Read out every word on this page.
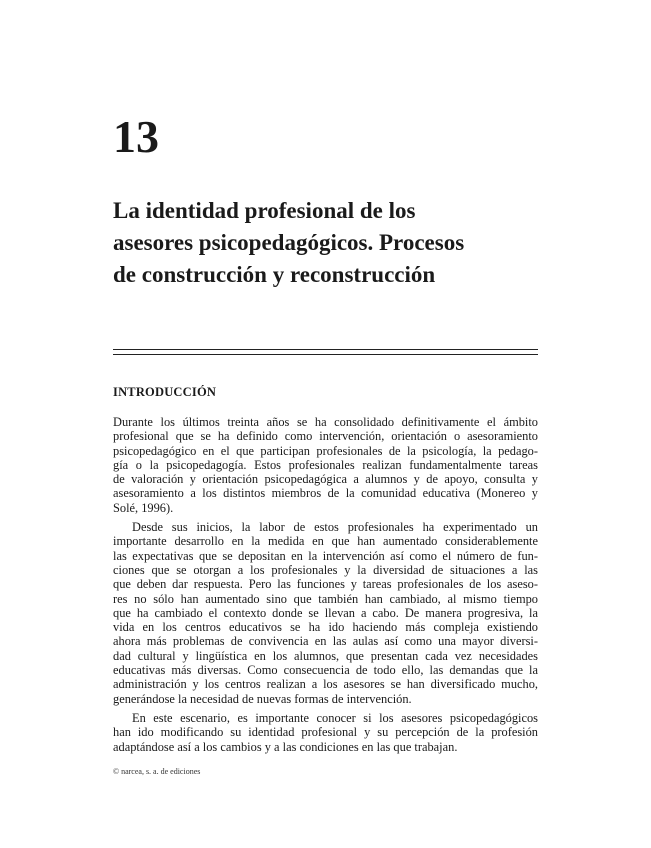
13
La identidad profesional de los
asesores psicopedagógicos. Procesos
de construcción y reconstrucción
INTRODUCCIÓN

Durante los últimos treinta años se ha consolidado definitivamente el ámbito
profesional que se ha definido como intervención, orientación o asesoramiento
psicopedagógico en el que participan profesionales de la psicología, la pedago-
gía o la psicopedagogía. Estos profesionales realizan fundamentalmente tareas
de valoración y orientación psicopedagógica a alumnos y de apoyo, consulta y
asesoramiento a los distintos miembros de la comunidad educativa (Monereo y
Solé, 1996).

Desde sus inicios, la labor de estos profesionales ha experimentado un
importante desarrollo en la medida en que han aumentado considerablemente
las expectativas que se depositan en la intervención así como el número de fun-
ciones que se otorgan a los profesionales y la diversidad de situaciones a las
que deben dar respuesta. Pero las funciones y tareas profesionales de los aseso-
res no sólo han aumentado sino que también han cambiado, al mismo tiempo
que ha cambiado el contexto donde se llevan a cabo. De manera progresiva, la
vida en los centros educativos se ha ido haciendo más compleja existiendo
ahora más problemas de convivencia en las aulas así como una mayor diversi-
dad cultural y lingüística en los alumnos, que presentan cada vez necesidades
educativas más diversas. Como consecuencia de todo ello, las demandas que la
administración y los centros realizan a los asesores se han diversificado mucho,
generándose la necesidad de nuevas formas de intervención.

En este escenario, es importante conocer si los asesores psicopedagógicos
han ido modificando su identidad profesional y su percepción de la profesión
adaptándose así a los cambios y a las condiciones en las que trabajan.

© narcea, s. a. de ediciones
